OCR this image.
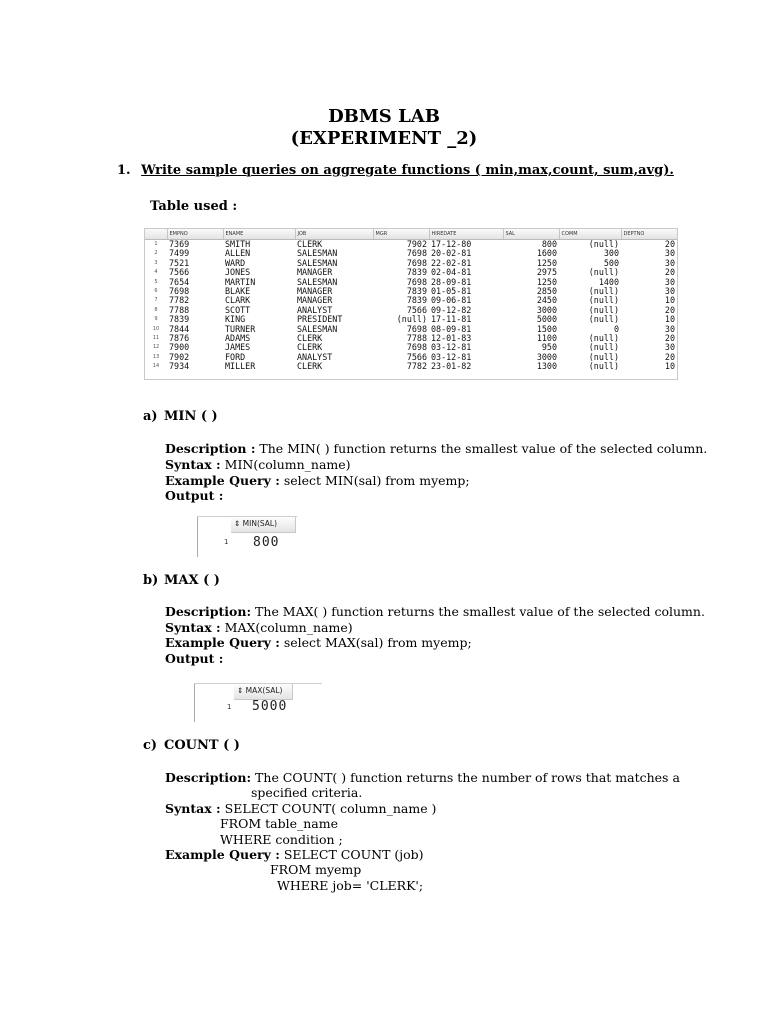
DBMS LAB
(EXPERIMENT _2)
1. Write sample queries on aggregate functions ( min,max,count, sum,avg).
Table used :
	EMPNO	ENAME	JOB	MGR	HIREDATE	SAL	COMM	DEPTNO
1	7369	SMITH	CLERK	7902	17-12-80	800	(null)	20
2	7499	ALLEN	SALESMAN	7698	20-02-81	1600	300	30
3	7521	WARD	SALESMAN	7698	22-02-81	1250	500	30
4	7566	JONES	MANAGER	7839	02-04-81	2975	(null)	20
5	7654	MARTIN	SALESMAN	7698	28-09-81	1250	1400	30
6	7698	BLAKE	MANAGER	7839	01-05-81	2850	(null)	30
7	7782	CLARK	MANAGER	7839	09-06-81	2450	(null)	10
8	7788	SCOTT	ANALYST	7566	09-12-82	3000	(null)	20
9	7839	KING	PRESIDENT	(null)	17-11-81	5000	(null)	10
10	7844	TURNER	SALESMAN	7698	08-09-81	1500	0	30
11	7876	ADAMS	CLERK	7788	12-01-83	1100	(null)	20
12	7900	JAMES	CLERK	7698	03-12-81	950	(null)	30
13	7902	FORD	ANALYST	7566	03-12-81	3000	(null)	20
14	7934	MILLER	CLERK	7782	23-01-82	1300	(null)	10
a) MIN ( )
Description : The MIN( ) function returns the smallest value of the selected column.
Syntax : MIN(column_name)
Example Query : select MIN(sal) from myemp;
Output :
⇕ MIN(SAL)
1 800
b) MAX ( )
Description: The MAX( ) function returns the smallest value of the selected column.
Syntax : MAX(column_name)
Example Query : select MAX(sal) from myemp;
Output :
⇕ MAX(SAL)
1 5000
c) COUNT ( )
Description: The COUNT( ) function returns the number of rows that matches a
specified criteria.
Syntax : SELECT COUNT( column_name )
FROM table_name
WHERE condition ;
Example Query : SELECT COUNT (job)
FROM myemp
WHERE job= 'CLERK';
